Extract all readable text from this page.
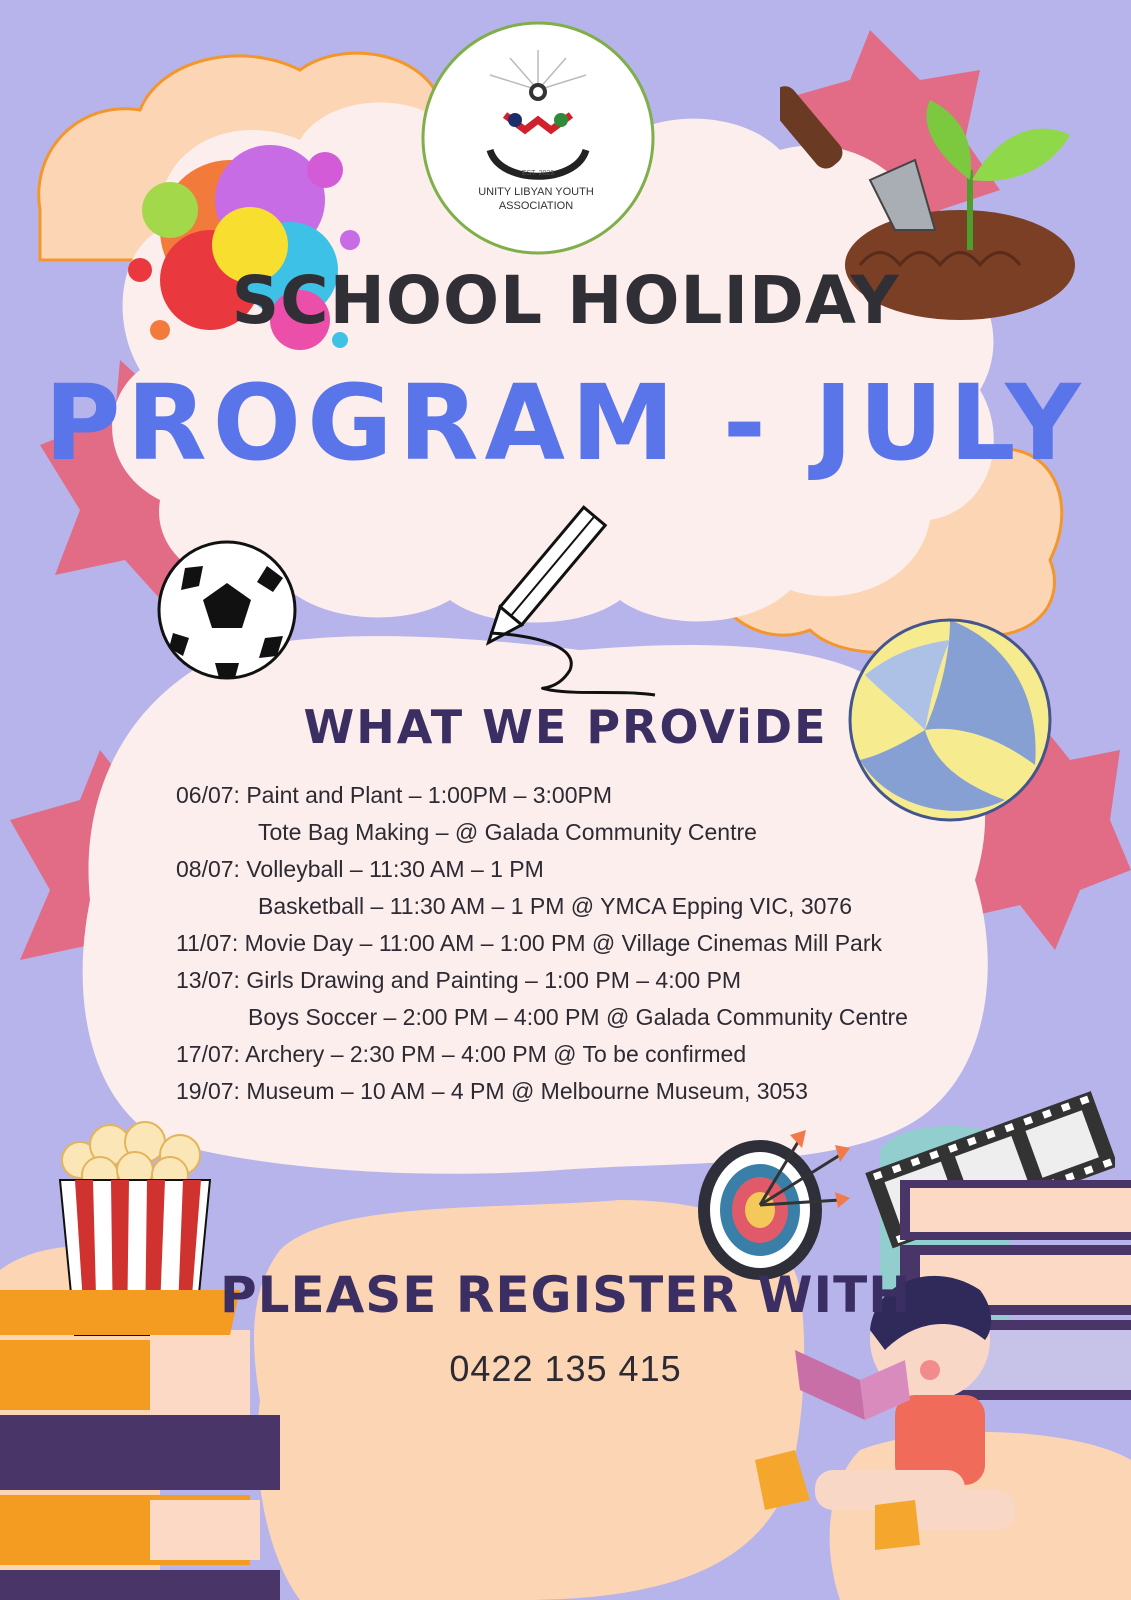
EST. 2023
UNITY LIBYAN YOUTH
ASSOCIATION
SCHOOL HOLIDAY
PROGRAM - JULY
WHAT WE PROViDE
06/07: Paint and Plant – 1:00PM – 3:00PM
Tote Bag Making – @ Galada Community Centre
08/07: Volleyball – 11:30 AM – 1 PM
Basketball – 11:30 AM – 1 PM @ YMCA Epping VIC, 3076
11/07: Movie Day – 11:00 AM – 1:00 PM @ Village Cinemas Mill Park
13/07: Girls Drawing and Painting – 1:00 PM – 4:00 PM
Boys Soccer – 2:00 PM – 4:00 PM @ Galada Community Centre
17/07: Archery – 2:30 PM – 4:00 PM @ To be confirmed
19/07: Museum – 10 AM – 4 PM @ Melbourne Museum, 3053
PLEASE REGISTER WITH
0422 135 415
